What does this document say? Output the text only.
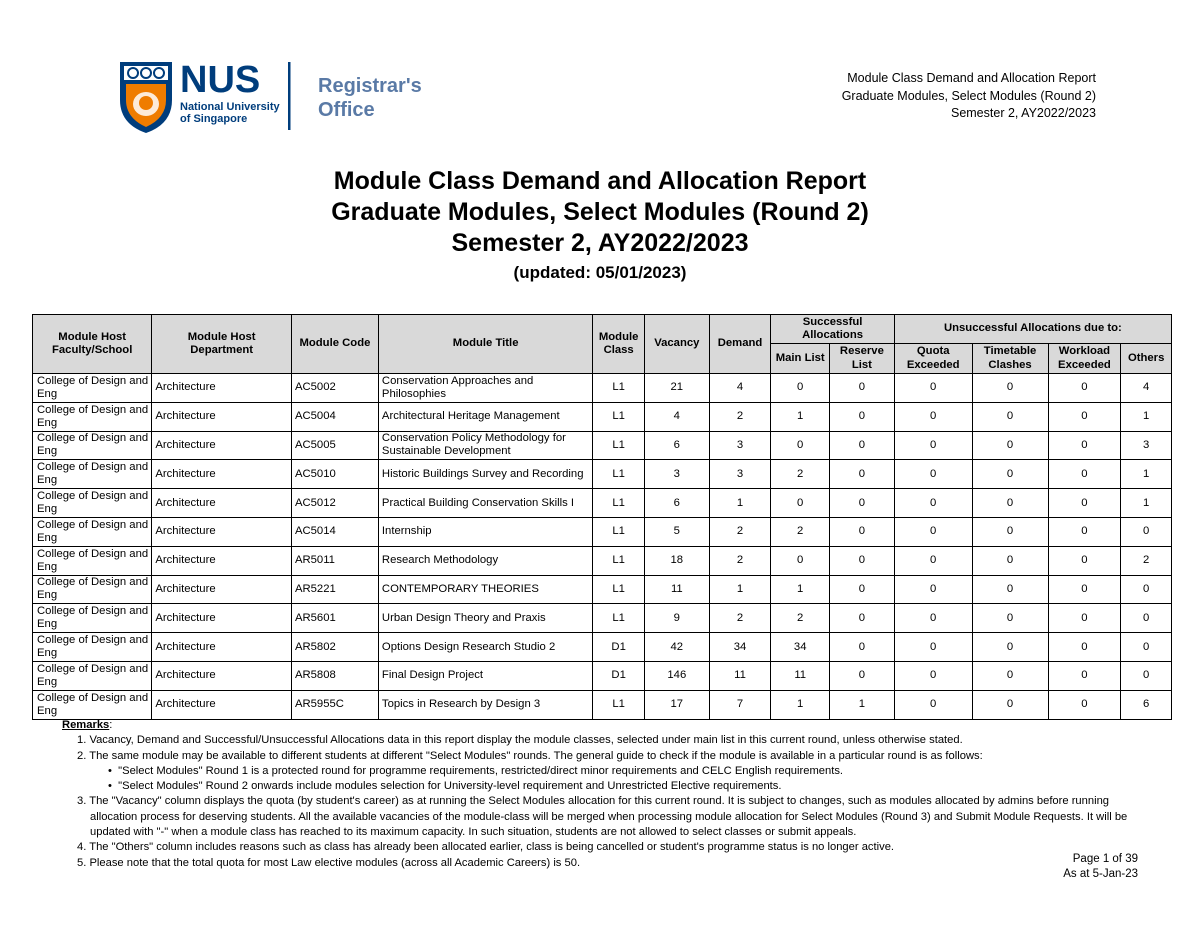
NUS
National University
of Singapore
Registrar's
Office
Module Class Demand and Allocation Report
Graduate Modules, Select Modules (Round 2)
Semester 2, AY2022/2023
Module Class Demand and Allocation Report
Graduate Modules, Select Modules (Round 2)
Semester 2, AY2022/2023
(updated: 05/01/2023)
Module Host Faculty/School	Module Host Department	Module Code	Module Title	Module Class	Vacancy	Demand	Successful Allocations		Unsuccessful Allocations due to:			
							Main List	Reserve List	Quota Exceeded	Timetable Clashes	Workload Exceeded	Others
College of Design and Eng	Architecture	AC5002	Conservation Approaches and Philosophies	L1	21	4	0	0	0	0	0	4
College of Design and Eng	Architecture	AC5004	Architectural Heritage Management	L1	4	2	1	0	0	0	0	1
College of Design and Eng	Architecture	AC5005	Conservation Policy Methodology for Sustainable Development	L1	6	3	0	0	0	0	0	3
College of Design and Eng	Architecture	AC5010	Historic Buildings Survey and Recording	L1	3	3	2	0	0	0	0	1
College of Design and Eng	Architecture	AC5012	Practical Building Conservation Skills I	L1	6	1	0	0	0	0	0	1
College of Design and Eng	Architecture	AC5014	Internship	L1	5	2	2	0	0	0	0	0
College of Design and Eng	Architecture	AR5011	Research Methodology	L1	18	2	0	0	0	0	0	2
College of Design and Eng	Architecture	AR5221	CONTEMPORARY THEORIES	L1	11	1	1	0	0	0	0	0
College of Design and Eng	Architecture	AR5601	Urban Design Theory and Praxis	L1	9	2	2	0	0	0	0	0
College of Design and Eng	Architecture	AR5802	Options Design Research Studio 2	D1	42	34	34	0	0	0	0	0
College of Design and Eng	Architecture	AR5808	Final Design Project	D1	146	11	11	0	0	0	0	0
College of Design and Eng	Architecture	AR5955C	Topics in Research by Design 3	L1	17	7	1	1	0	0	0	6
Remarks:
1. Vacancy, Demand and Successful/Unsuccessful Allocations data in this report display the module classes, selected under main list in this current round, unless otherwise stated.
2. The same module may be available to different students at different "Select Modules" rounds. The general guide to check if the module is available in a particular round is as follows:
•  "Select Modules" Round 1 is a protected round for programme requirements, restricted/direct minor requirements and CELC English requirements.
•  "Select Modules" Round 2 onwards include modules selection for University-level requirement and Unrestricted Elective requirements.
3. The "Vacancy" column displays the quota (by student's career) as at running the Select Modules allocation for this current round. It is subject to changes, such as modules allocated by admins before running allocation process for deserving students. All the available vacancies of the module-class will be merged when processing module allocation for Select Modules (Round 3) and Submit Module Requests. It will be updated with "-" when a module class has reached to its maximum capacity. In such situation, students are not allowed to select classes or submit appeals.
4. The "Others" column includes reasons such as class has already been allocated earlier, class is being cancelled or student's programme status is no longer active.
5. Please note that the total quota for most Law elective modules (across all Academic Careers) is 50.	Page 1 of 39
As at 5-Jan-23
